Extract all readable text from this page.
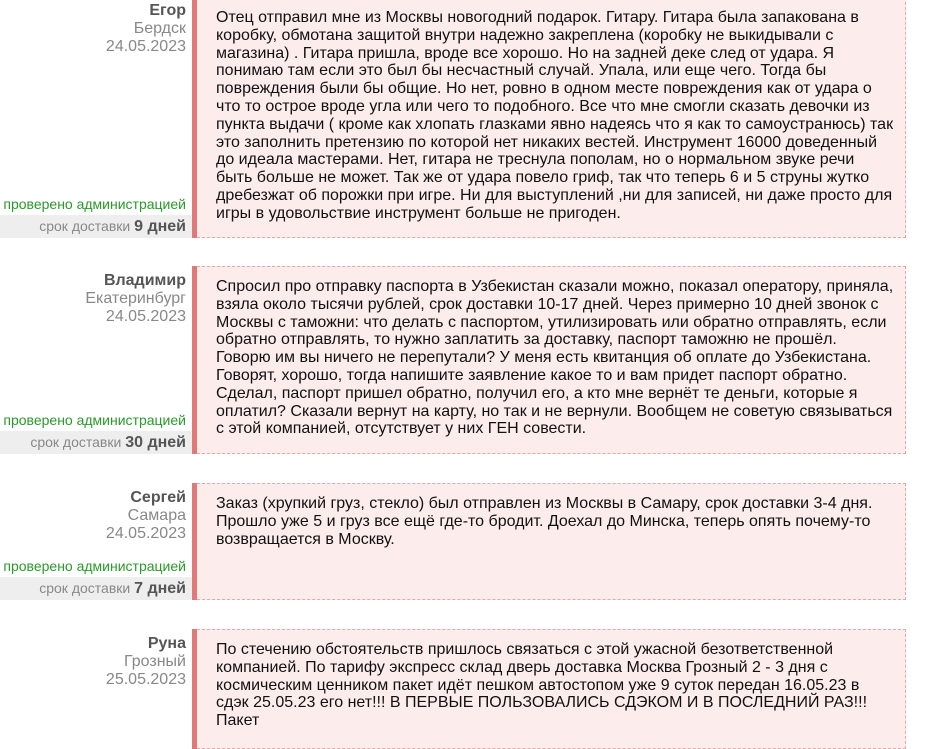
Егор
Бердск
24.05.2023
проверено администрацией
срок доставки 9 дней
Отец отправил мне из Москвы новогодний подарок. Гитару. Гитара была запакована в коробку, обмотана защитой внутри надежно закреплена (коробку не выкидывали с магазина) . Гитара пришла, вроде все хорошо. Но на задней деке след от удара. Я понимаю там если это был бы несчастный случай. Упала, или еще чего. Тогда бы повреждения были бы общие. Но нет, ровно в одном месте повреждения как от удара о что то острое вроде угла или чего то подобного. Все что мне смогли сказать девочки из пункта выдачи ( кроме как хлопать глазками явно надеясь что я как то самоустранюсь) так это заполнить претензию по которой нет никаких вестей. Инструмент 16000 доведенный до идеала мастерами. Нет, гитара не треснула пополам, но о нормальном звуке речи быть больше не может. Так же от удара повело гриф, так что теперь 6 и 5 струны жутко дребезжат об порожки при игре. Ни для выступлений ,ни для записей, ни даже просто для игры в удовольствие инструмент больше не пригоден.
Владимир
Екатеринбург
24.05.2023
проверено администрацией
срок доставки 30 дней
Спросил про отправку паспорта в Узбекистан сказали можно, показал оператору, приняла, взяла около тысячи рублей, срок доставки 10-17 дней. Через примерно 10 дней звонок с Москвы с таможни: что делать с паспортом, утилизировать или обратно отправлять, если обратно отправлять, то нужно заплатить за доставку, паспорт таможню не прошёл. Говорю им вы ничего не перепутали? У меня есть квитанция об оплате до Узбекистана. Говорят, хорошо, тогда напишите заявление какое то и вам придет паспорт обратно. Сделал, паспорт пришел обратно, получил его, а кто мне вернёт те деньги, которые я оплатил? Сказали вернут на карту, но так и не вернули. Вообщем не советую связываться с этой компанией, отсутствует у них ГЕН совести.
Сергей
Самара
24.05.2023
проверено администрацией
срок доставки 7 дней
Заказ (хрупкий груз, стекло) был отправлен из Москвы в Самару, срок доставки 3-4 дня. Прошло уже 5 и груз все ещё где-то бродит. Доехал до Минска, теперь опять почему-то возвращается в Москву.
Руна
Грозный
25.05.2023
По стечению обстоятельств пришлось связаться с этой ужасной безответственной компанией. По тарифу экспресс склад дверь доставка Москва Грозный 2 - 3 дня с космическим ценником пакет идёт пешком автостопом уже 9 суток передан 16.05.23 в сдэк 25.05.23 его нет!!! В ПЕРВЫЕ ПОЛЬЗОВАЛИСЬ СДЭКОМ И В ПОСЛЕДНИЙ РАЗ!!! Пакет
